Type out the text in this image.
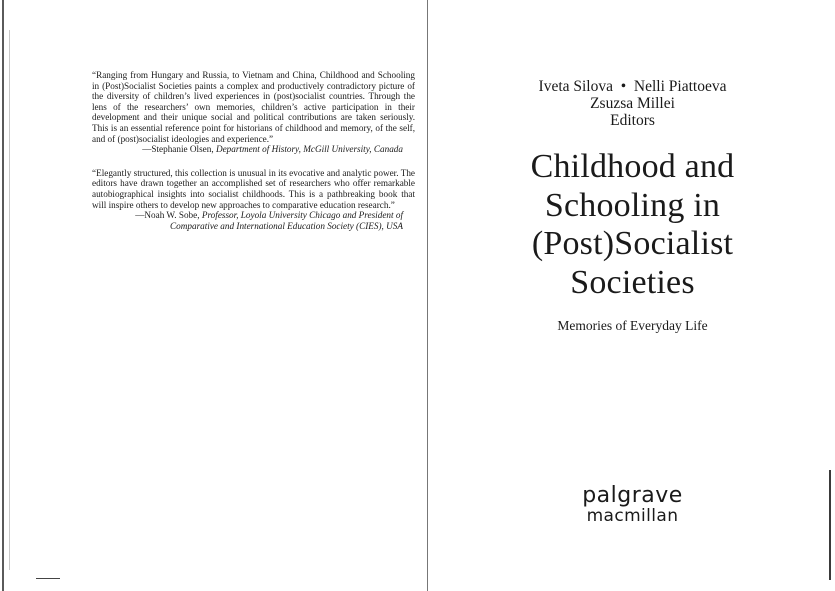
“Ranging from Hungary and Russia, to Vietnam and China, Childhood and Schooling in (Post)Socialist Societies paints a complex and productively contradictory picture of the diversity of children’s lived experiences in (post)socialist countries. Through the lens of the researchers’ own memories, children’s active participation in their development and their unique social and political contributions are taken seriously. This is an essential reference point for historians of childhood and memory, of the self, and of (post)socialist ideologies and experience.”

—Stephanie Olsen, Department of History, McGill University, Canada

“Elegantly structured, this collection is unusual in its evocative and analytic power. The editors have drawn together an accomplished set of researchers who offer remarkable autobiographical insights into socialist childhoods. This is a pathbreaking book that will inspire others to develop new approaches to comparative education research.”

—Noah W. Sobe, Professor, Loyola University Chicago and President of
Comparative and International Education Society (CIES), USA

Iveta Silova  •  Nelli Piattoeva
Zsuzsa Millei
Editors
Childhood and
Schooling in
(Post)Socialist
Societies
Memories of Everyday Life
palgrave
macmillan
